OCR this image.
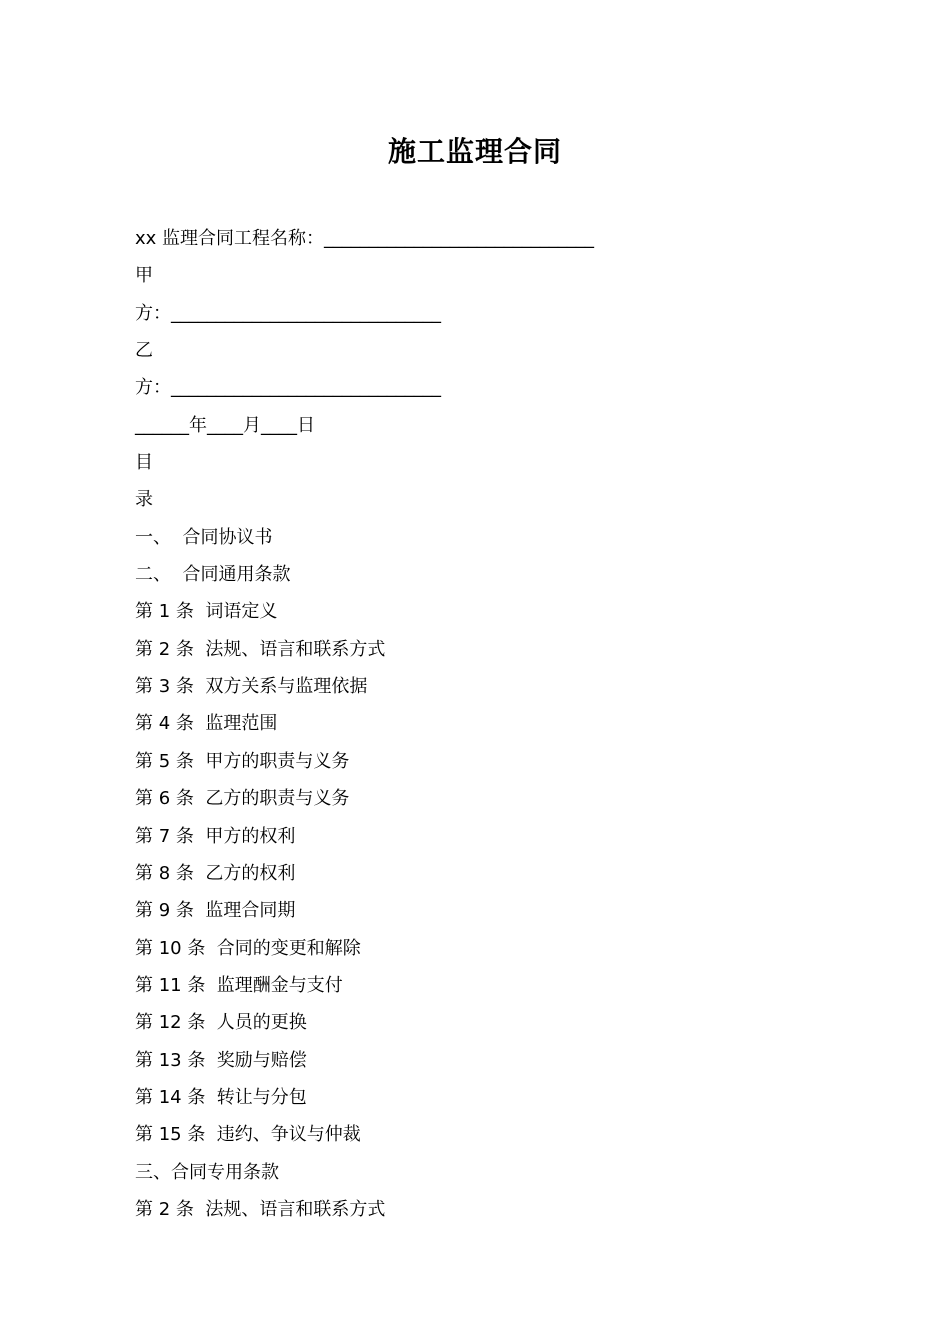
施工监理合同
xx 监理合同工程名称：______________________________
甲
方：______________________________
乙
方：______________________________
______年____月____日
目
录
一、  合同协议书
二、  合同通用条款
第 1 条  词语定义
第 2 条  法规、语言和联系方式
第 3 条  双方关系与监理依据
第 4 条  监理范围
第 5 条  甲方的职责与义务
第 6 条  乙方的职责与义务
第 7 条  甲方的权利
第 8 条  乙方的权利
第 9 条  监理合同期
第 10 条  合同的变更和解除
第 11 条  监理酬金与支付
第 12 条  人员的更换
第 13 条  奖励与赔偿
第 14 条  转让与分包
第 15 条  违约、争议与仲裁
三、合同专用条款
第 2 条  法规、语言和联系方式
